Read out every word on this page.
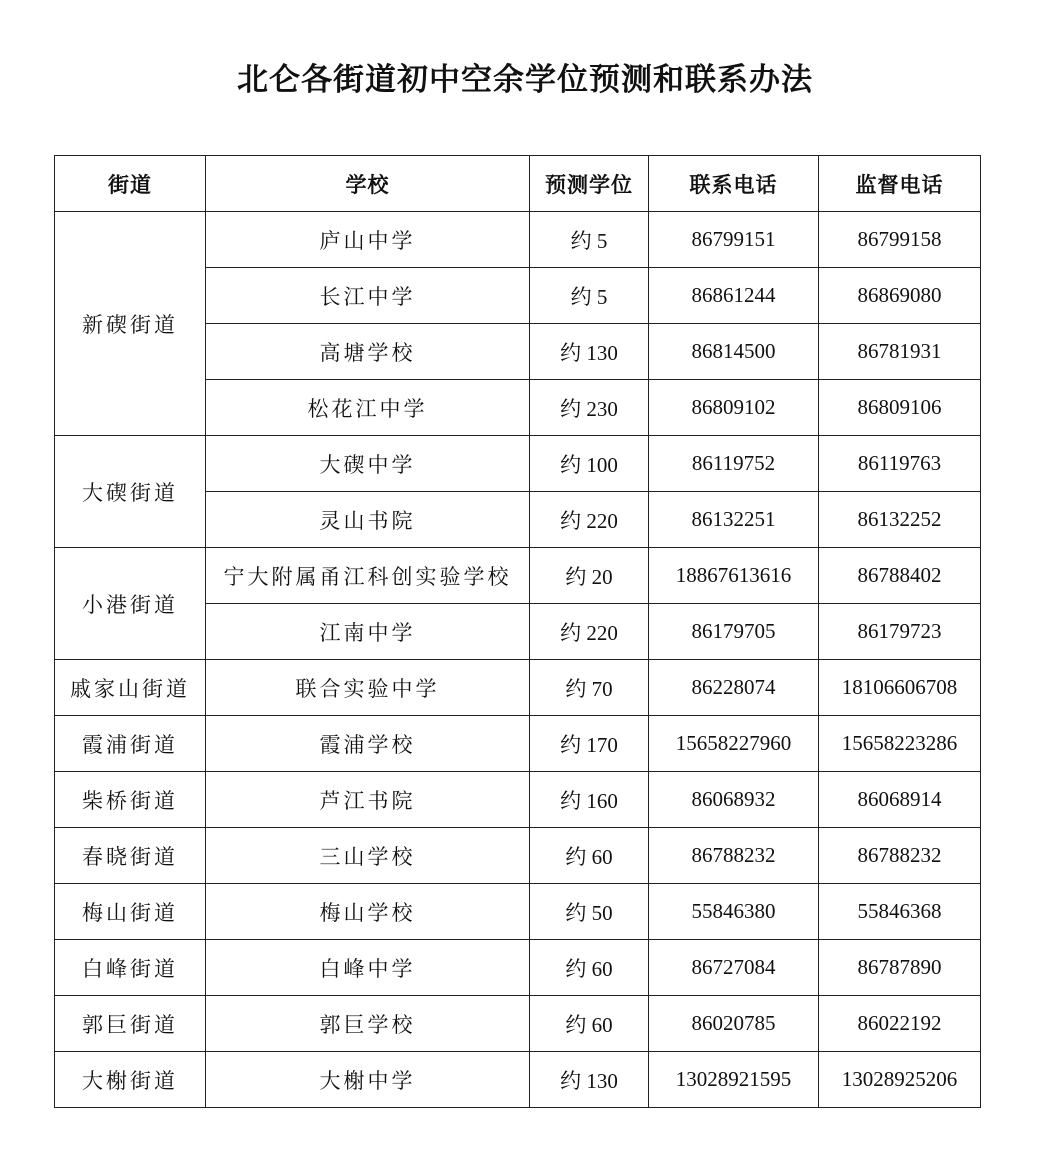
北仑各街道初中空余学位预测和联系办法
街道	学校	预测学位	联系电话	监督电话
新碶街道	庐山中学	约 5	86799151	86799158
	长江中学	约 5	86861244	86869080
	高塘学校	约 130	86814500	86781931
	松花江中学	约 230	86809102	86809106
大碶街道	大碶中学	约 100	86119752	86119763
	灵山书院	约 220	86132251	86132252
小港街道	宁大附属甬江科创实验学校	约 20	18867613616	86788402
	江南中学	约 220	86179705	86179723
戚家山街道	联合实验中学	约 70	86228074	18106606708
霞浦街道	霞浦学校	约 170	15658227960	15658223286
柴桥街道	芦江书院	约 160	86068932	86068914
春晓街道	三山学校	约 60	86788232	86788232
梅山街道	梅山学校	约 50	55846380	55846368
白峰街道	白峰中学	约 60	86727084	86787890
郭巨街道	郭巨学校	约 60	86020785	86022192
大榭街道	大榭中学	约 130	13028921595	13028925206
